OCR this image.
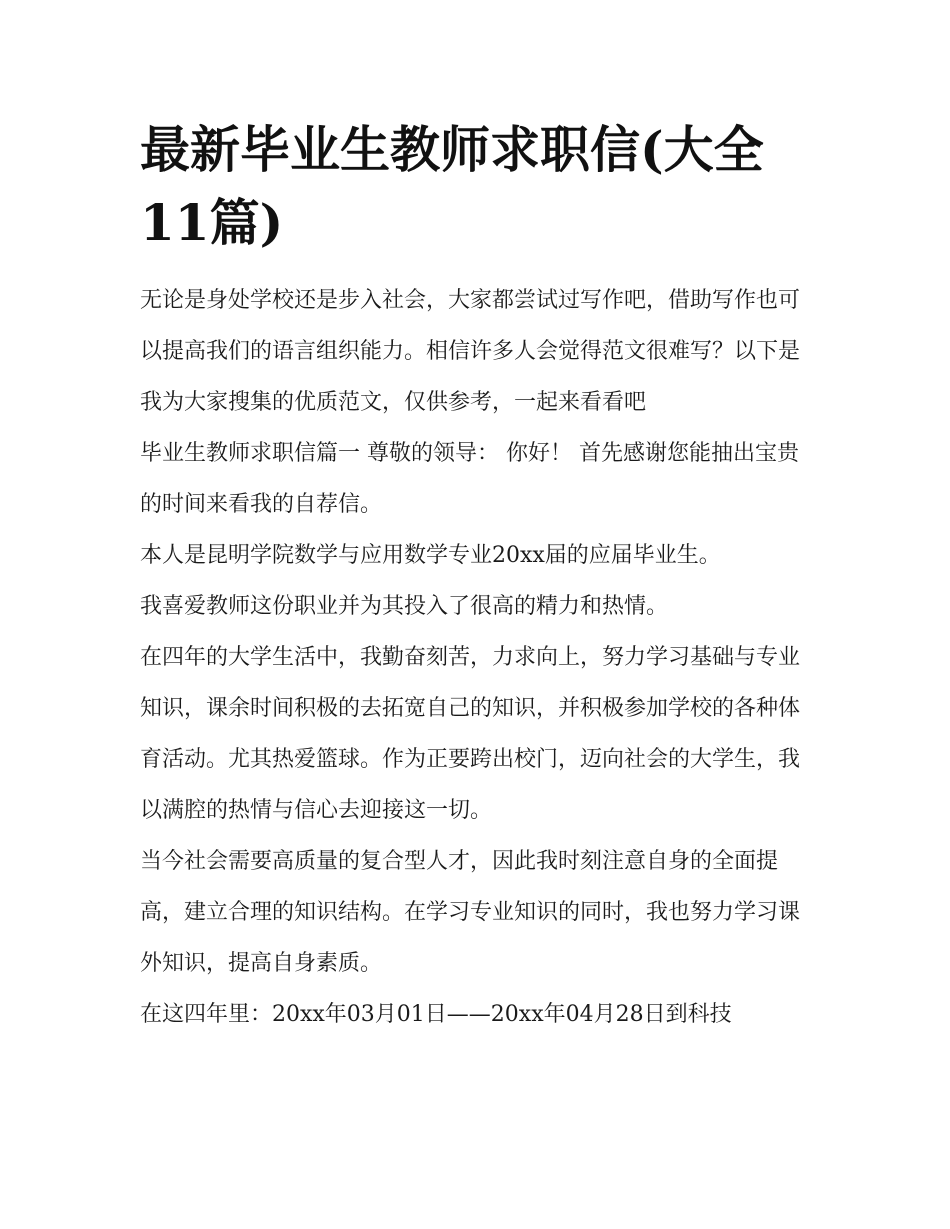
最新毕业生教师求职信(大全11篇)

无论是身处学校还是步入社会，大家都尝试过写作吧，借助写作也可以提高我们的语言组织能力。相信许多人会觉得范文很难写？以下是我为大家搜集的优质范文，仅供参考，一起来看看吧

毕业生教师求职信篇一 尊敬的领导： 你好！ 首先感谢您能抽出宝贵的时间来看我的自荐信。

本人是昆明学院数学与应用数学专业20xx届的应届毕业生。

我喜爱教师这份职业并为其投入了很高的精力和热情。

在四年的大学生活中，我勤奋刻苦，力求向上，努力学习基础与专业知识，课余时间积极的去拓宽自己的知识，并积极参加学校的各种体育活动。尤其热爱篮球。作为正要跨出校门，迈向社会的大学生，我以满腔的热情与信心去迎接这一切。

当今社会需要高质量的复合型人才，因此我时刻注意自身的全面提高，建立合理的知识结构。在学习专业知识的同时，我也努力学习课外知识，提高自身素质。

在这四年里：20xx年03月01日——20xx年04月28日到科技
